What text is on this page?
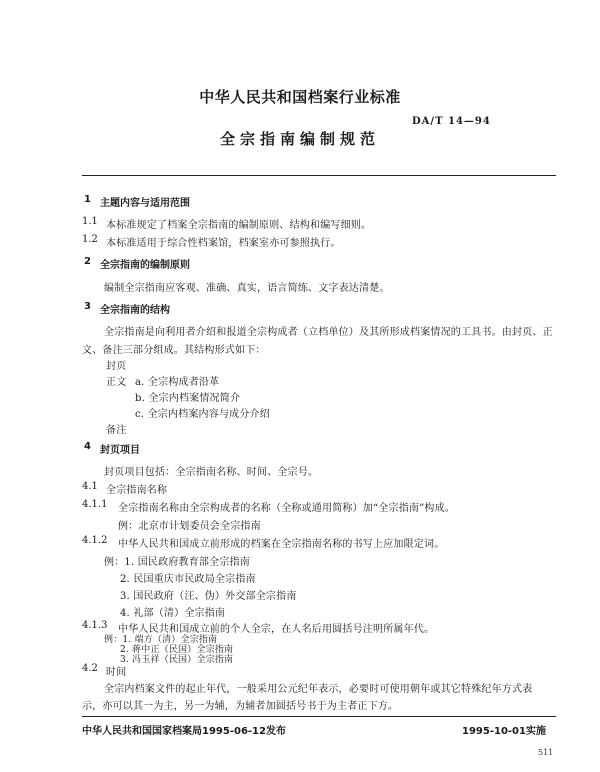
中华人民共和国档案行业标准
DA/T 14—94
全宗指南编制规范
1 主题内容与适用范围
1.1 本标准规定了档案全宗指南的编制原则、结构和编写细则。
1.2 本标准适用于综合性档案馆，档案室亦可参照执行。
2 全宗指南的编制原则
编制全宗指南应客观、准确、真实，语言简练、文字表达清楚。
3 全宗指南的结构
全宗指南是向利用者介绍和报道全宗构成者（立档单位）及其所形成档案情况的工具书。由封页、正
文、备注三部分组成。其结构形式如下：
封页
正文 a. 全宗构成者沿革
b. 全宗内档案情况简介
c. 全宗内档案内容与成分介绍
备注
4 封页项目
封页项目包括：全宗指南名称、时间、全宗号。
4.1 全宗指南名称
4.1.1 全宗指南名称由全宗构成者的名称（全称或通用简称）加“全宗指南”构成。
例：北京市计划委员会全宗指南
4.1.2 中华人民共和国成立前形成的档案在全宗指南名称的书写上应加限定词。
例：1. 国民政府教育部全宗指南
2. 民国重庆市民政局全宗指南
3. 国民政府（汪、伪）外交部全宗指南
4. 礼部（清）全宗指南
4.1.3 中华人民共和国成立前的个人全宗，在人名后用圆括号注明所属年代。
例：1. 端方（清）全宗指南
2. 蒋中正（民国）全宗指南
3. 冯玉祥（民国）全宗指南
4.2 时间
全宗内档案文件的起止年代，一般采用公元纪年表示，必要时可使用朝年或其它特殊纪年方式表
示，亦可以其一为主，另一为辅，为辅者加圆括号书于为主者正下方。
中华人民共和国国家档案局1995-06-12发布	1995-10-01实施
511
